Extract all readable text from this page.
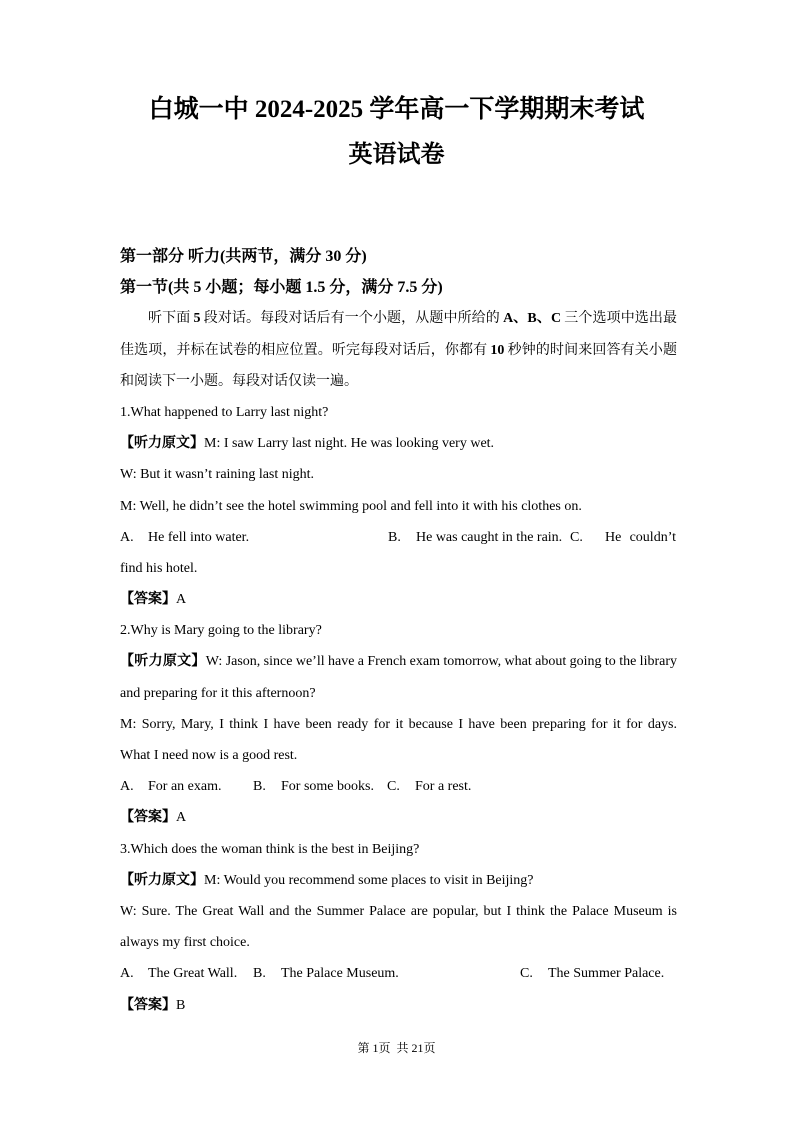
白城一中 2024-2025 学年高一下学期期末考试
英语试卷
第一部分 听力(共两节，满分 30 分)
第一节(共 5 小题；每小题 1.5 分，满分 7.5 分)
听下面 5 段对话。每段对话后有一个小题，从题中所给的 A、B、C 三个选项中选出最
佳选项，并标在试卷的相应位置。听完每段对话后，你都有 10 秒钟的时间来回答有关小题
和阅读下一小题。每段对话仅读一遍。
1.What happened to Larry last night?
【听力原文】M: I saw Larry last night. He was looking very wet.
W: But it wasn’t raining last night.
M: Well, he didn’t see the hotel swimming pool and fell into it with his clothes on.
A. He fell into water.	B. He was caught in the rain. C. He couldn’t
find his hotel.
【答案】A
2.Why is Mary going to the library?
【听力原文】W: Jason, since we’ll have a French exam tomorrow, what about going to the library
and preparing for it this afternoon?
M: Sorry, Mary, I think I have been ready for it because I have been preparing for it for days.
What I need now is a good rest.
A. For an exam. B. For some books. C. For a rest.
【答案】A
3.Which does the woman think is the best in Beijing?
【听力原文】M: Would you recommend some places to visit in Beijing?
W: Sure. The Great Wall and the Summer Palace are popular, but I think the Palace Museum is
always my first choice.
A. The Great Wall. B. The Palace Museum.	C. The Summer Palace.
【答案】B
第 1页  共 21页
